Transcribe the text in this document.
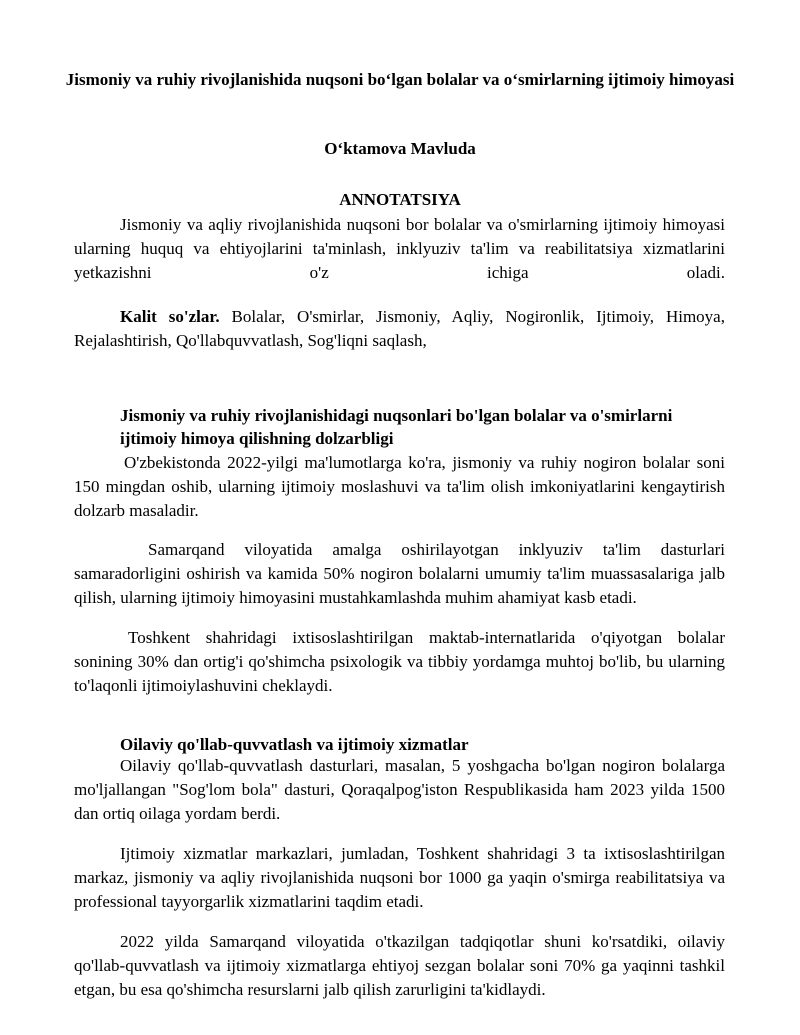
Jismoniy va ruhiy rivojlanishida nuqsoni bo‘lgan bolalar va o‘smirlarning ijtimoiy himoyasi
O‘ktamova Mavluda
ANNOTATSIYA
Jismoniy va aqliy rivojlanishida nuqsoni bor bolalar va o'smirlarning ijtimoiy himoyasi ularning huquq va ehtiyojlarini ta'minlash, inklyuziv ta'lim va reabilitatsiya xizmatlarini yetkazishni o'z ichiga oladi.
Kalit so'zlar. Bolalar, O'smirlar, Jismoniy, Aqliy, Nogironlik, Ijtimoiy, Himoya, Rejalashtirish, Qo'llabquvvatlash, Sog'liqni saqlash,
Jismoniy va ruhiy rivojlanishidagi nuqsonlari bo'lgan bolalar va o'smirlarni ijtimoiy himoya qilishning dolzarbligi
O'zbekistonda 2022-yilgi ma'lumotlarga ko'ra, jismoniy va ruhiy nogiron bolalar soni 150 mingdan oshib, ularning ijtimoiy moslashuvi va ta'lim olish imkoniyatlarini kengaytirish dolzarb masaladir.
Samarqand viloyatida amalga oshirilayotgan inklyuziv ta'lim dasturlari samaradorligini oshirish va kamida 50% nogiron bolalarni umumiy ta'lim muassasalariga jalb qilish, ularning ijtimoiy himoyasini mustahkamlashda muhim ahamiyat kasb etadi.
Toshkent shahridagi ixtisoslashtirilgan maktab-internatlarida o'qiyotgan bolalar sonining 30% dan ortig'i qo'shimcha psixologik va tibbiy yordamga muhtoj bo'lib, bu ularning to'laqonli ijtimoiylashuvini cheklaydi.
Oilaviy qo'llab-quvvatlash va ijtimoiy xizmatlar
Oilaviy qo'llab-quvvatlash dasturlari, masalan, 5 yoshgacha bo'lgan nogiron bolalarga mo'ljallangan "Sog'lom bola" dasturi, Qoraqalpog'iston Respublikasida ham 2023 yilda 1500 dan ortiq oilaga yordam berdi.
Ijtimoiy xizmatlar markazlari, jumladan, Toshkent shahridagi 3 ta ixtisoslashtirilgan markaz, jismoniy va aqliy rivojlanishida nuqsoni bor 1000 ga yaqin o'smirga reabilitatsiya va professional tayyorgarlik xizmatlarini taqdim etadi.
2022 yilda Samarqand viloyatida o'tkazilgan tadqiqotlar shuni ko'rsatdiki, oilaviy qo'llab-quvvatlash va ijtimoiy xizmatlarga ehtiyoj sezgan bolalar soni 70% ga yaqinni tashkil etgan, bu esa qo'shimcha resurslarni jalb qilish zarurligini ta'kidlaydi.
